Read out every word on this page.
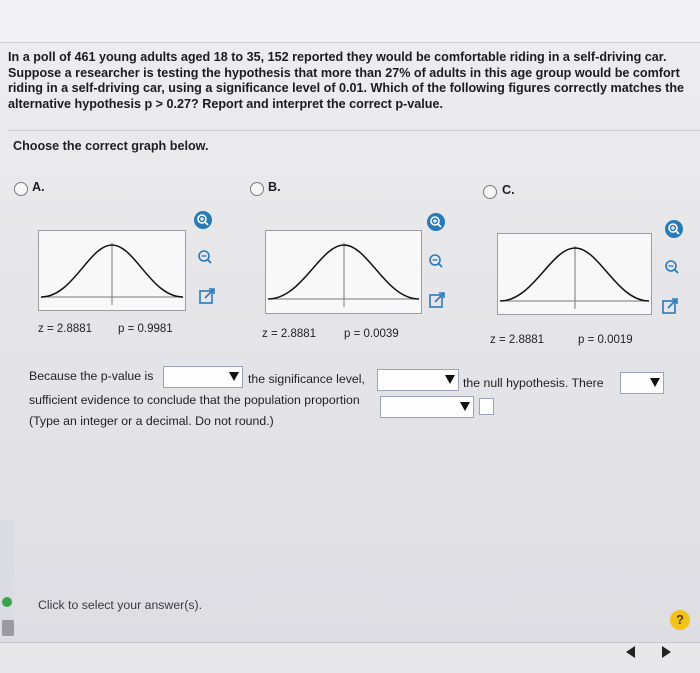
In a poll of 461 young adults aged 18 to 35, 152 reported they would be comfortable riding in a self-driving car.
Suppose a researcher is testing the hypothesis that more than 27% of adults in this age group would be comfort
riding in a self-driving car, using a significance level of 0.01. Which of the following figures correctly matches the
alternative hypothesis p > 0.27? Report and interpret the correct p-value.
Choose the correct graph below.
A.
z = 2.8881 p = 0.9981
B.
z = 2.8881 p = 0.0039
C.
z = 2.8881	p = 0.0019
Because the p-value is	the significance level,	the null hypothesis. There
sufficient evidence to conclude that the population proportion
(Type an integer or a decimal. Do not round.)
Click to select your answer(s).
?
